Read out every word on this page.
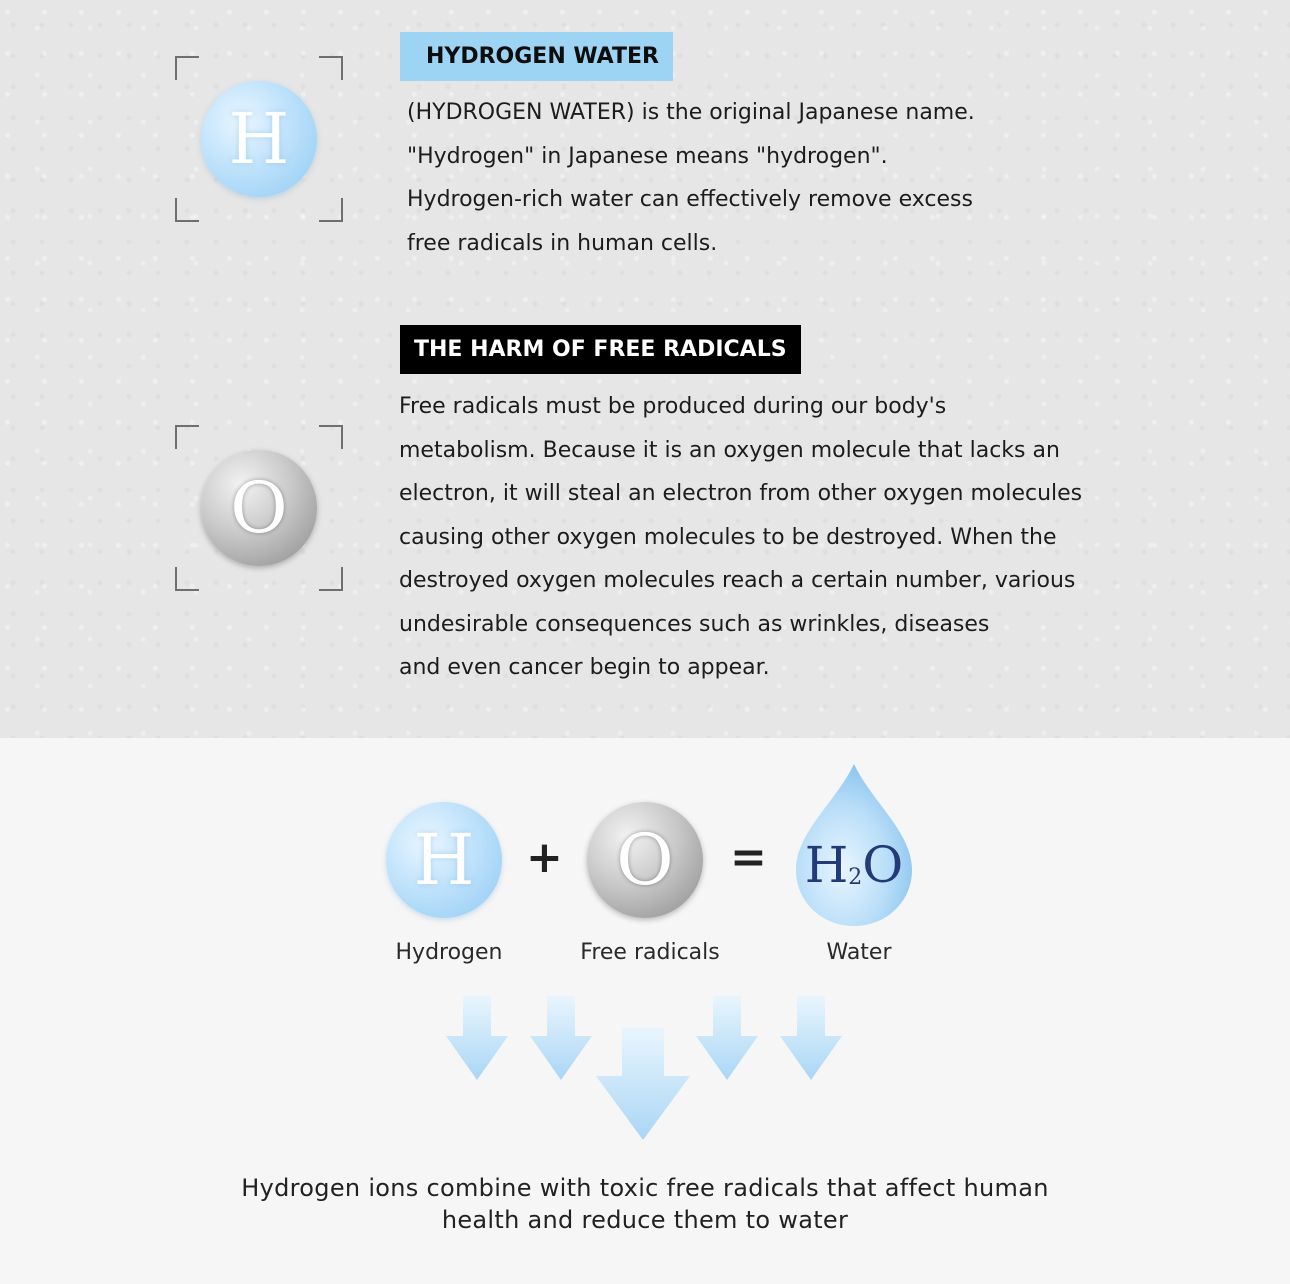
H
HYDROGEN WATER
(HYDROGEN WATER) is the original Japanese name.
"Hydrogen" in Japanese means "hydrogen".
Hydrogen-rich water can effectively remove excess
free radicals in human cells.
THE HARM OF FREE RADICALS
O
Free radicals must be produced during our body's
metabolism. Because it is an oxygen molecule that lacks an
electron, it will steal an electron from other oxygen molecules
causing other oxygen molecules to be destroyed. When the
destroyed oxygen molecules reach a certain number, various
undesirable consequences such as wrinkles, diseases
and even cancer begin to appear.
$H + O = H_2O$
Hydrogen	Free radicals	Water
Hydrogen ions combine with toxic free radicals that affect human
health and reduce them to water
